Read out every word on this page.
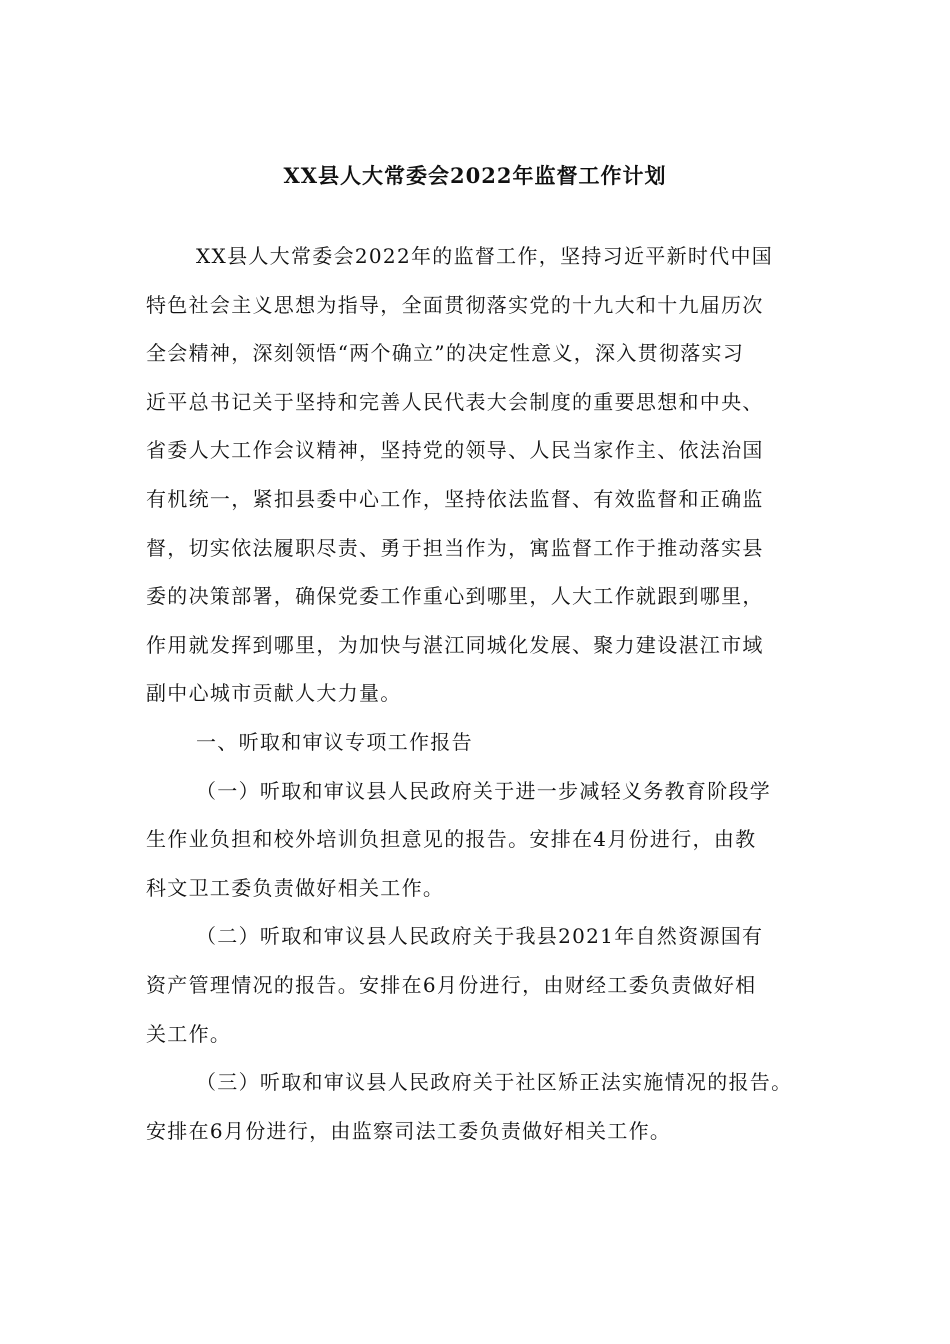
XX县人大常委会2022年监督工作计划

XX县人大常委会2022年的监督工作，坚持习近平新时代中国
特色社会主义思想为指导，全面贯彻落实党的十九大和十九届历次
全会精神，深刻领悟“两个确立”的决定性意义，深入贯彻落实习
近平总书记关于坚持和完善人民代表大会制度的重要思想和中央、
省委人大工作会议精神，坚持党的领导、人民当家作主、依法治国
有机统一，紧扣县委中心工作，坚持依法监督、有效监督和正确监
督，切实依法履职尽责、勇于担当作为，寓监督工作于推动落实县
委的决策部署，确保党委工作重心到哪里，人大工作就跟到哪里，
作用就发挥到哪里，为加快与湛江同城化发展、聚力建设湛江市域
副中心城市贡献人大力量。

一、听取和审议专项工作报告

（一）听取和审议县人民政府关于进一步减轻义务教育阶段学
生作业负担和校外培训负担意见的报告。安排在4月份进行，由教
科文卫工委负责做好相关工作。

（二）听取和审议县人民政府关于我县2021年自然资源国有
资产管理情况的报告。安排在6月份进行，由财经工委负责做好相
关工作。

（三）听取和审议县人民政府关于社区矫正法实施情况的报告。
安排在6月份进行，由监察司法工委负责做好相关工作。
